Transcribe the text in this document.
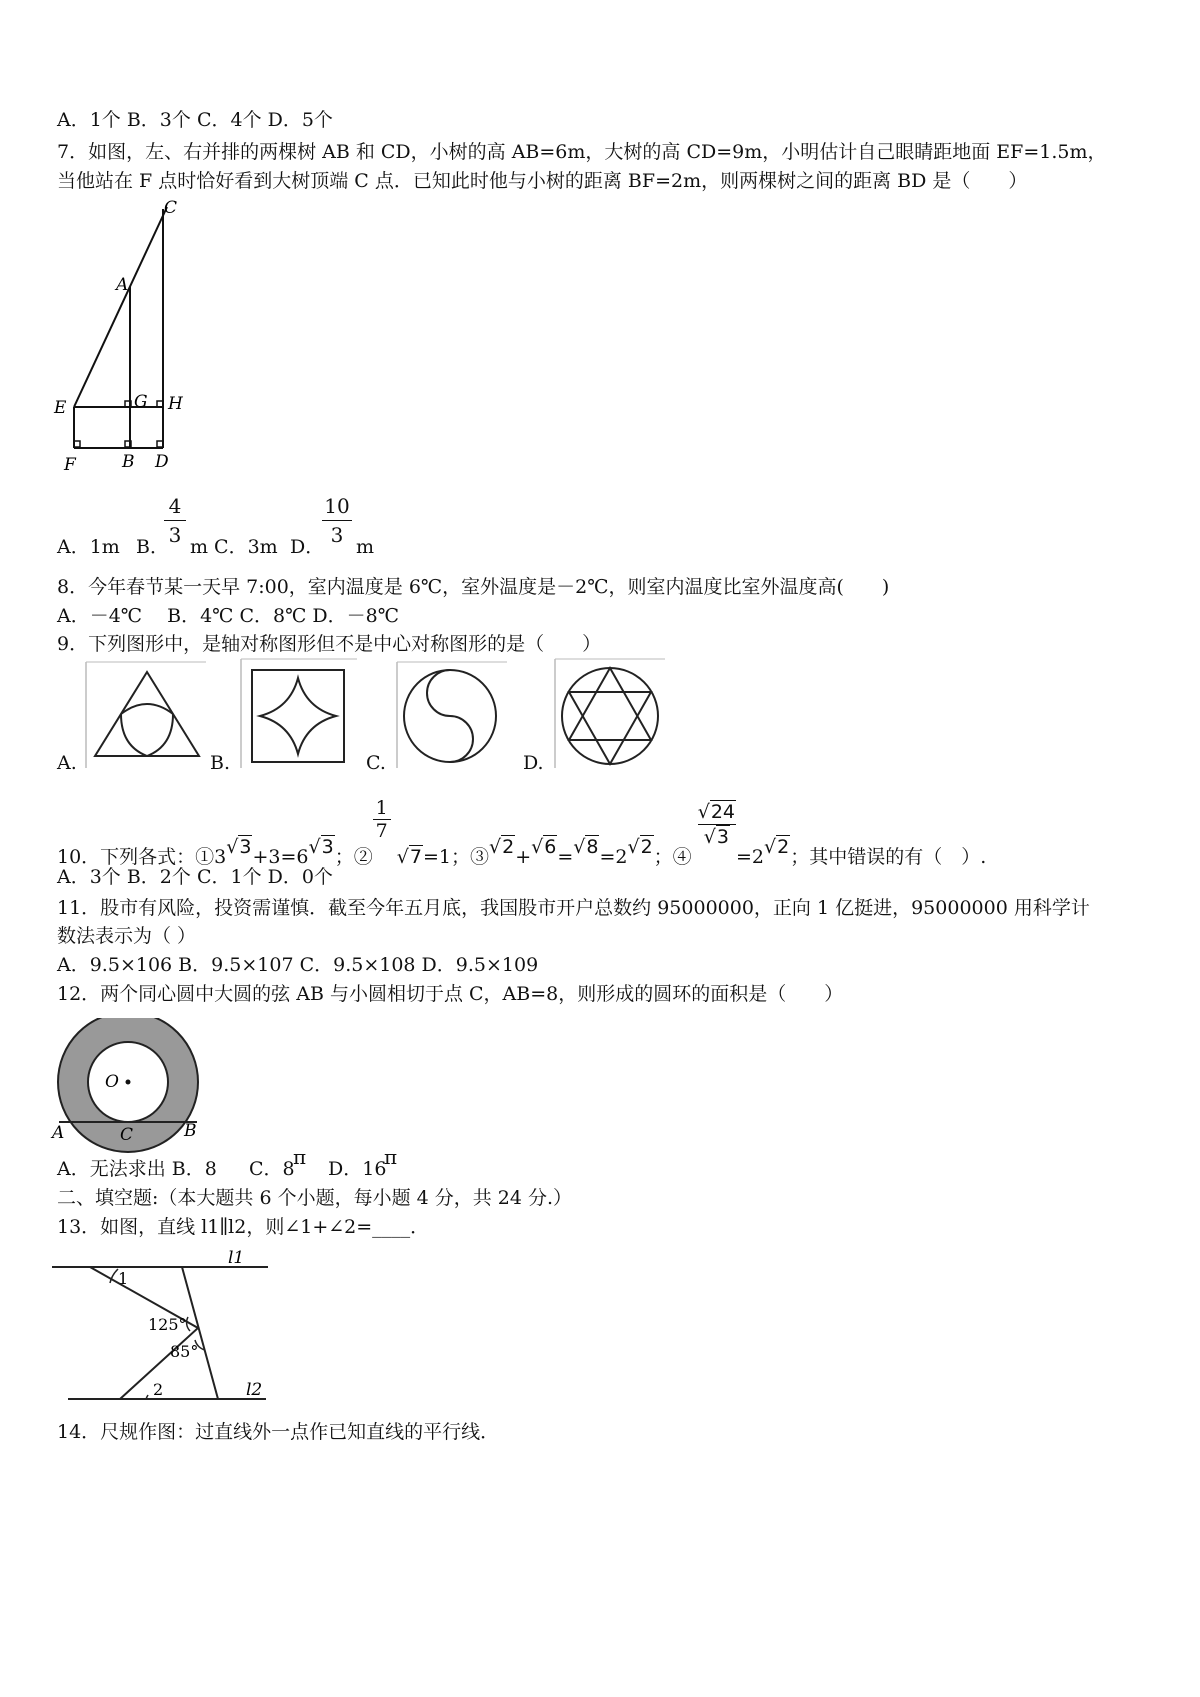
A．1个 B．3个 C．4个 D．5个
7．如图，左、右并排的两棵树 AB 和 CD，小树的高 AB=6m，大树的高 CD=9m，小明估计自己眼睛距地面 EF=1.5m，
当他站在 F 点时恰好看到大树顶端 C 点．已知此时他与小树的距离 BF=2m，则两棵树之间的距离 BD 是（　　）
C
A
E	G H
F	B D
A．1m B．
4
3 m C．3m D．
10
3 m
8．今年春节某一天早 7:00，室内温度是 6℃，室外温度是－2℃，则室内温度比室外温度高(　　)
A．－4℃　 B．4℃ C．8℃ D．－8℃
9．下列图形中，是轴对称图形但不是中心对称图形的是（　　）
A.	B.	C.	D.
10．下列各式：①3√3+3=6√3；②
$\frac{1}{7}$
√7=1；③√2+√6=√8=2√2；④
$\frac{√24}{√3}$
=2√2；其中错误的有（　）.
A．3个 B．2个 C．1个 D．0个
11．股市有风险，投资需谨慎．截至今年五月底，我国股市开户总数约 95000000，正向 1 亿挺进，95000000 用科学计
数法表示为（ ）
A．9.5×106 B．9.5×107 C．9.5×108 D．9.5×109
12．两个同心圆中大圆的弦 AB 与小圆相切于点 C，AB=8，则形成的圆环的面积是（　　）
O
A	C	B
A．无法求出 B．8 C．8
π D．16
π
二、填空题:（本大题共 6 个小题，每小题 4 分，共 24 分.）
13．如图，直线 l1∥l2，则∠1+∠2=____．
l1
l2
1
2
125°
85°
14．尺规作图：过直线外一点作已知直线的平行线．
